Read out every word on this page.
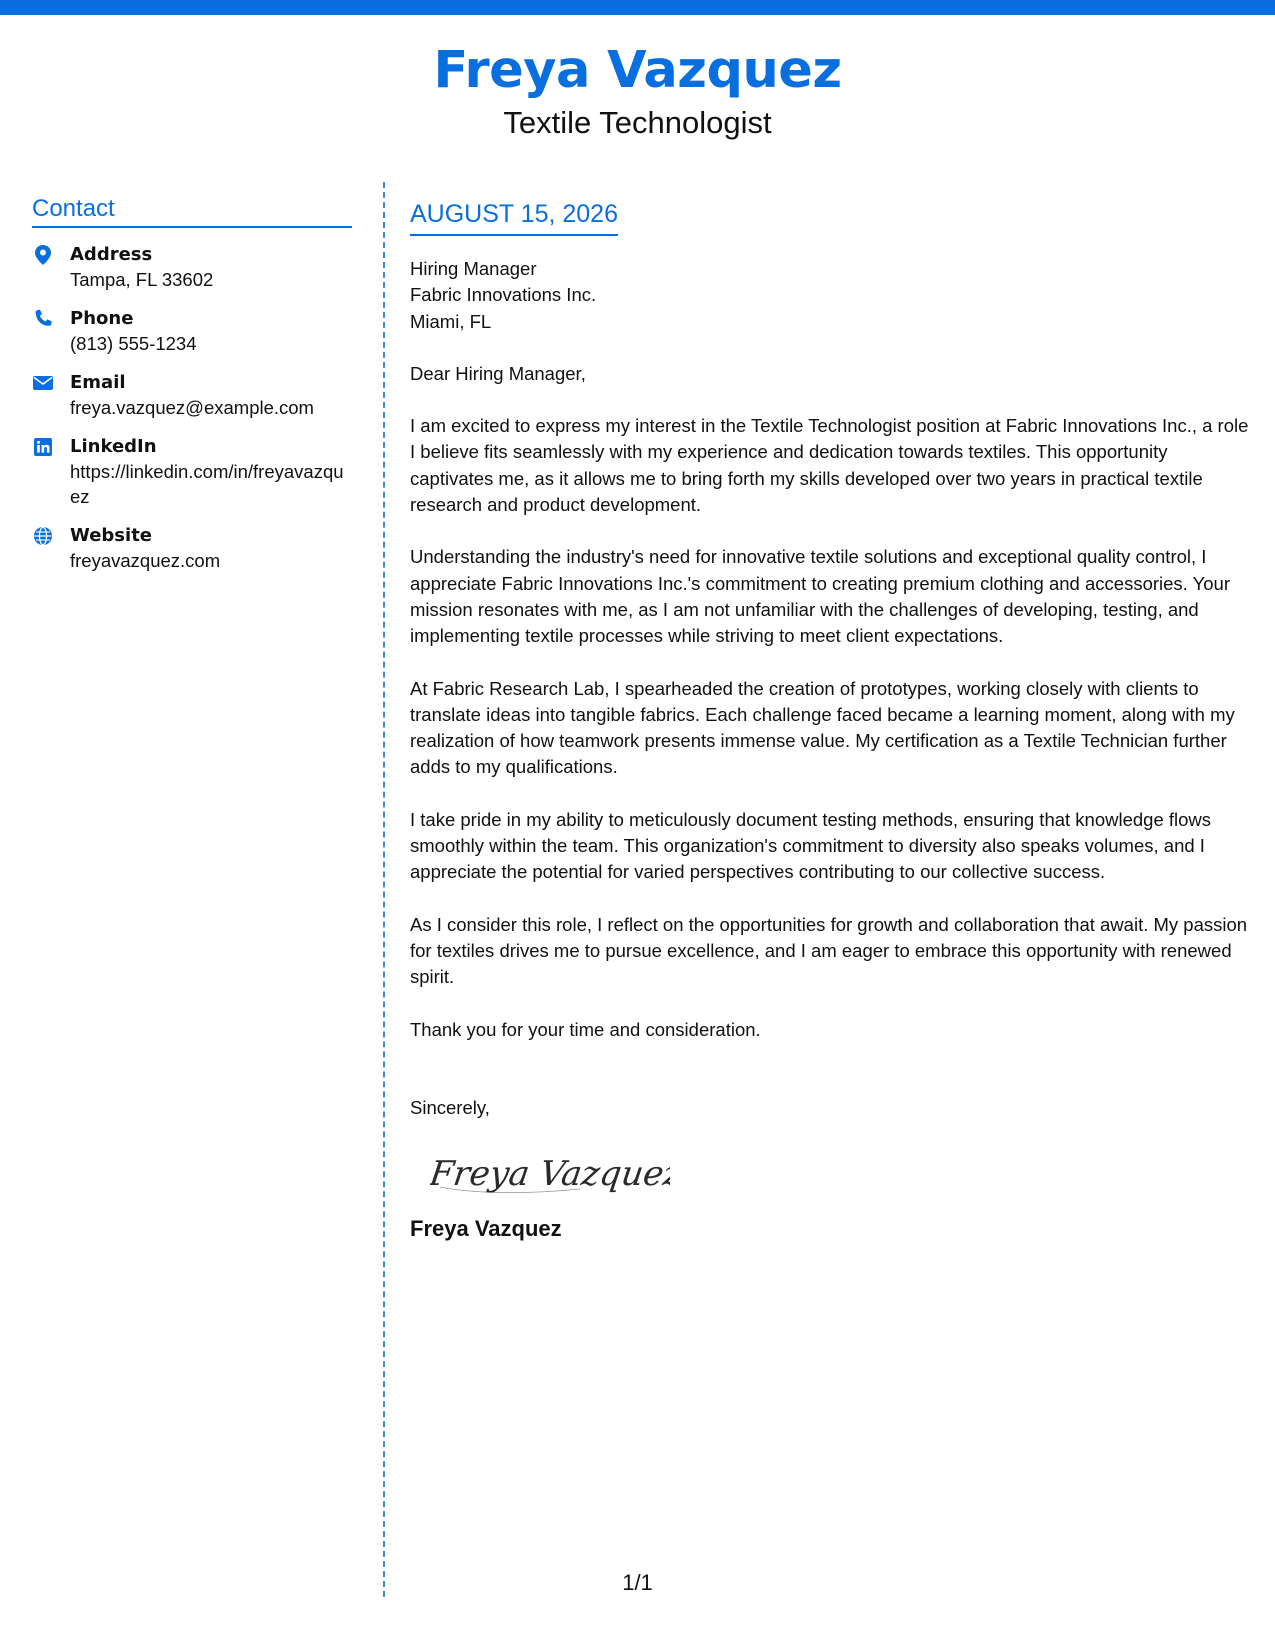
Freya Vazquez
Textile Technologist
Contact
Address
Tampa, FL 33602
Phone
(813) 555-1234
Email
freya.vazquez@example.com
LinkedIn
https://linkedin.com/in/freyavazquez
Website
freyavazquez.com
AUGUST 15, 2026
Hiring Manager
Fabric Innovations Inc.
Miami, FL
Dear Hiring Manager,

I am excited to express my interest in the Textile Technologist position at Fabric Innovations Inc., a role I believe fits seamlessly with my experience and dedication towards textiles. This opportunity captivates me, as it allows me to bring forth my skills developed over two years in practical textile research and product development.

Understanding the industry's need for innovative textile solutions and exceptional quality control, I appreciate Fabric Innovations Inc.'s commitment to creating premium clothing and accessories. Your mission resonates with me, as I am not unfamiliar with the challenges of developing, testing, and implementing textile processes while striving to meet client expectations.

At Fabric Research Lab, I spearheaded the creation of prototypes, working closely with clients to translate ideas into tangible fabrics. Each challenge faced became a learning moment, along with my realization of how teamwork presents immense value. My certification as a Textile Technician further adds to my qualifications.

I take pride in my ability to meticulously document testing methods, ensuring that knowledge flows smoothly within the team. This organization's commitment to diversity also speaks volumes, and I appreciate the potential for varied perspectives contributing to our collective success.

As I consider this role, I reflect on the opportunities for growth and collaboration that await. My passion for textiles drives me to pursue excellence, and I am eager to embrace this opportunity with renewed spirit.

Thank you for your time and consideration.

Sincerely,
Freya Vazquez
Freya Vazquez
1/1
